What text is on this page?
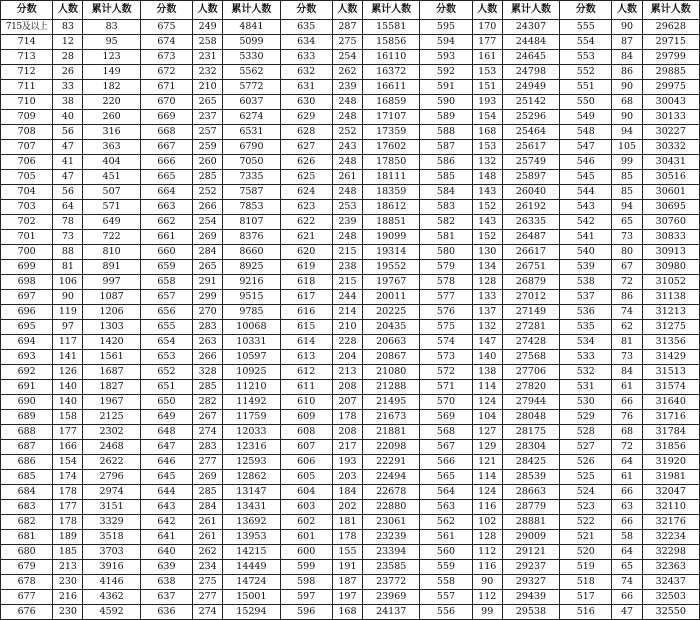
分数	人数	累计人数	分数	人数	累计人数	分数	人数	累计人数	分数	人数	累计人数	分数	人数	累计人数
715及以上	83	83	675	249	4841	635	287	15581	595	170	24307	555	90	29628
714	12	95	674	258	5099	634	275	15856	594	177	24484	554	87	29715
713	28	123	673	231	5330	633	254	16110	593	161	24645	553	84	29799
712	26	149	672	232	5562	632	262	16372	592	153	24798	552	86	29885
711	33	182	671	210	5772	631	239	16611	591	151	24949	551	90	29975
710	38	220	670	265	6037	630	248	16859	590	193	25142	550	68	30043
709	40	260	669	237	6274	629	248	17107	589	154	25296	549	90	30133
708	56	316	668	257	6531	628	252	17359	588	168	25464	548	94	30227
707	47	363	667	259	6790	627	243	17602	587	153	25617	547	105	30332
706	41	404	666	260	7050	626	248	17850	586	132	25749	546	99	30431
705	47	451	665	285	7335	625	261	18111	585	148	25897	545	85	30516
704	56	507	664	252	7587	624	248	18359	584	143	26040	544	85	30601
703	64	571	663	266	7853	623	253	18612	583	152	26192	543	94	30695
702	78	649	662	254	8107	622	239	18851	582	143	26335	542	65	30760
701	73	722	661	269	8376	621	248	19099	581	152	26487	541	73	30833
700	88	810	660	284	8660	620	215	19314	580	130	26617	540	80	30913
699	81	891	659	265	8925	619	238	19552	579	134	26751	539	67	30980
698	106	997	658	291	9216	618	215	19767	578	128	26879	538	72	31052
697	90	1087	657	299	9515	617	244	20011	577	133	27012	537	86	31138
696	119	1206	656	270	9785	616	214	20225	576	137	27149	536	74	31213
695	97	1303	655	283	10068	615	210	20435	575	132	27281	535	62	31275
694	117	1420	654	263	10331	614	228	20663	574	147	27428	534	81	31356
693	141	1561	653	266	10597	613	204	20867	573	140	27568	533	73	31429
692	126	1687	652	328	10925	612	213	21080	572	138	27706	532	84	31513
691	140	1827	651	285	11210	611	208	21288	571	114	27820	531	61	31574
690	140	1967	650	282	11492	610	207	21495	570	124	27944	530	66	31640
689	158	2125	649	267	11759	609	178	21673	569	104	28048	529	76	31716
688	177	2302	648	274	12033	608	208	21881	568	127	28175	528	68	31784
687	166	2468	647	283	12316	607	217	22098	567	129	28304	527	72	31856
686	154	2622	646	277	12593	606	193	22291	566	121	28425	526	64	31920
685	174	2796	645	269	12862	605	203	22494	565	114	28539	525	61	31981
684	178	2974	644	285	13147	604	184	22678	564	124	28663	524	66	32047
683	177	3151	643	284	13431	603	202	22880	563	116	28779	523	63	32110
682	178	3329	642	261	13692	602	181	23061	562	102	28881	522	66	32176
681	189	3518	641	261	13953	601	178	23239	561	128	29009	521	58	32234
680	185	3703	640	262	14215	600	155	23394	560	112	29121	520	64	32298
679	213	3916	639	234	14449	599	191	23585	559	116	29237	519	65	32363
678	230	4146	638	275	14724	598	187	23772	558	90	29327	518	74	32437
677	216	4362	637	277	15001	597	197	23969	557	112	29439	517	66	32503
676	230	4592	636	274	15294	596	168	24137	556	99	29538	516	47	32550
